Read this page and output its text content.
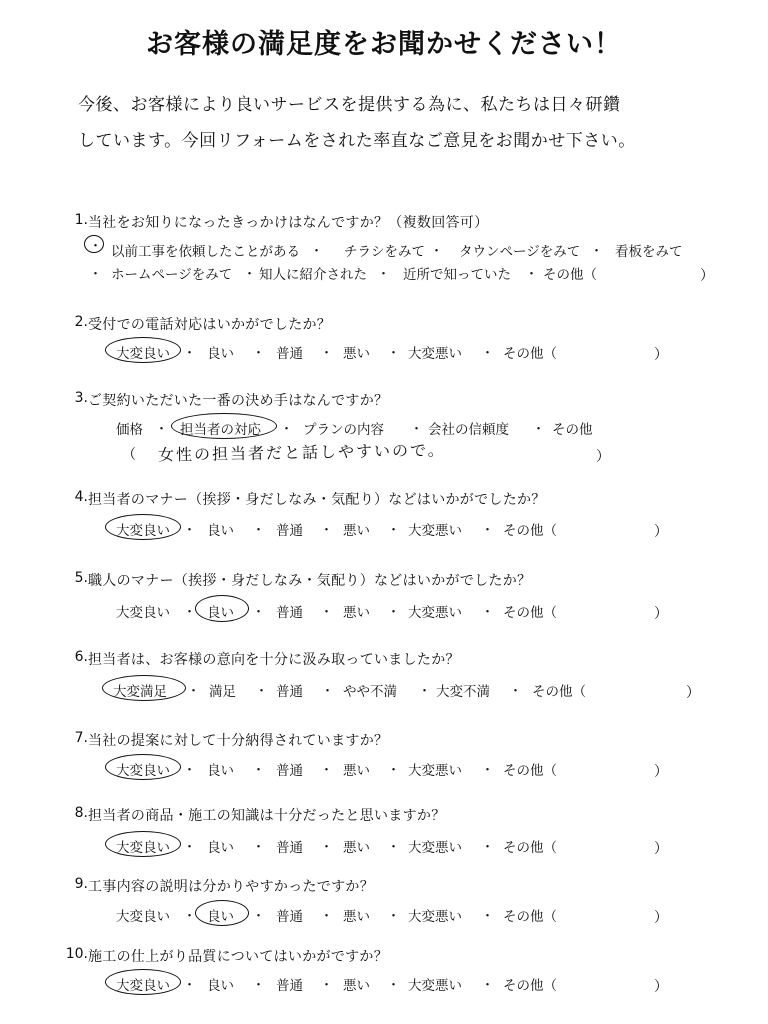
お客様の満足度をお聞かせください！
今後、お客様により良いサービスを提供する為に、私たちは日々研鑽
しています。今回リフォームをされた率直なご意見をお聞かせ下さい。
1. 当社をお知りになったきっかけはなんですか？（複数回答可）
・ 以前工事を依頼したことがある ・ チラシをみて ・ タウンページをみて ・ 看板をみて
・ ホームページをみて ・ 知人に紹介された ・ 近所で知っていた ・ その他（	）
2. 受付での電話対応はいかがでしたか？
大変良い ・ 良い ・ 普通 ・ 悪い ・ 大変悪い ・ その他（	）
3. ご契約いただいた一番の決め手はなんですか？
価格 ・ 担当者の対応 ・ プランの内容 ・ 会社の信頼度 ・ その他
（ 女性の担当者だと話しやすいので。	）
4. 担当者のマナー（挨拶・身だしなみ・気配り）などはいかがでしたか？
大変良い ・ 良い ・ 普通 ・ 悪い ・ 大変悪い ・ その他（	）
5. 職人のマナー（挨拶・身だしなみ・気配り）などはいかがでしたか？
大変良い ・ 良い ・ 普通 ・ 悪い ・ 大変悪い ・ その他（	）
6. 担当者は、お客様の意向を十分に汲み取っていましたか？
大変満足 ・ 満足 ・ 普通 ・ やや不満 ・ 大変不満 ・ その他（	）
7. 当社の提案に対して十分納得されていますか？
大変良い ・ 良い ・ 普通 ・ 悪い ・ 大変悪い ・ その他（	）
8. 担当者の商品・施工の知識は十分だったと思いますか？
大変良い ・ 良い ・ 普通 ・ 悪い ・ 大変悪い ・ その他（	）
9. 工事内容の説明は分かりやすかったですか？
大変良い ・ 良い ・ 普通 ・ 悪い ・ 大変悪い ・ その他（	）
10. 施工の仕上がり品質についてはいかがですか？
大変良い ・ 良い ・ 普通 ・ 悪い ・ 大変悪い ・ その他（	）
